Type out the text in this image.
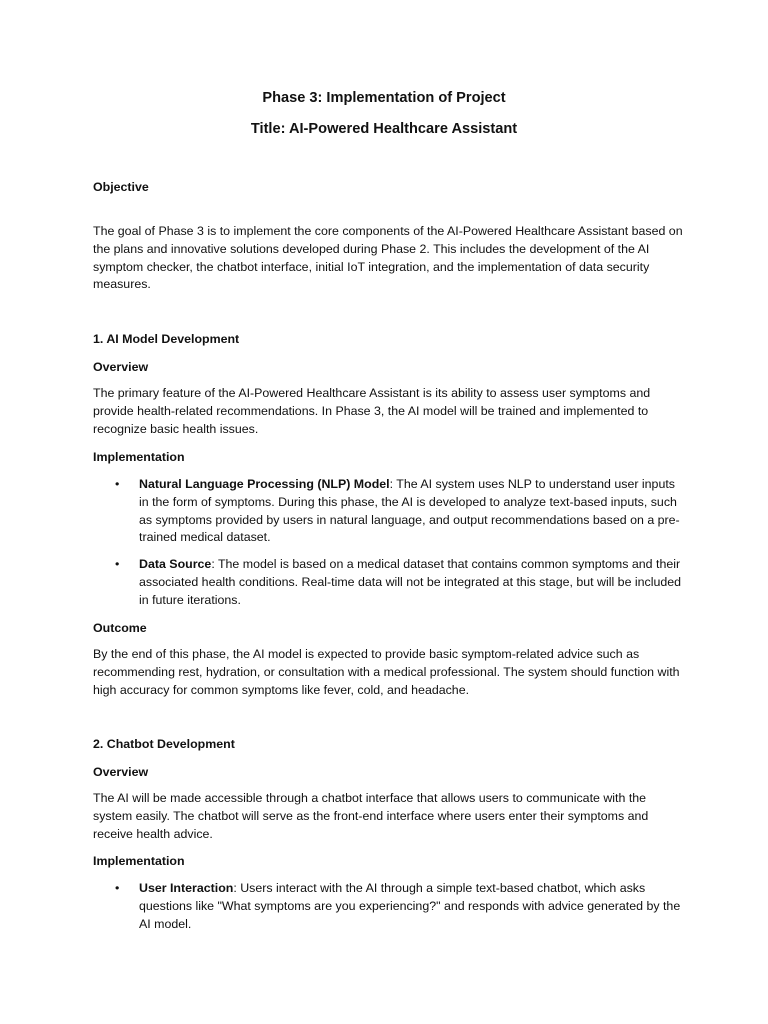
Phase 3: Implementation of Project
Title: AI-Powered Healthcare Assistant
Objective

The goal of Phase 3 is to implement the core components of the AI-Powered Healthcare Assistant based on the plans and innovative solutions developed during Phase 2. This includes the development of the AI symptom checker, the chatbot interface, initial IoT integration, and the implementation of data security measures.

1. AI Model Development
Overview

The primary feature of the AI-Powered Healthcare Assistant is its ability to assess user symptoms and provide health-related recommendations. In Phase 3, the AI model will be trained and implemented to recognize basic health issues.

Implementation
• Natural Language Processing (NLP) Model: The AI system uses NLP to understand user inputs in the form of symptoms. During this phase, the AI is developed to analyze text-based inputs, such as symptoms provided by users in natural language, and output recommendations based on a pre-trained medical dataset.
• Data Source: The model is based on a medical dataset that contains common symptoms and their associated health conditions. Real-time data will not be integrated at this stage, but will be included in future iterations.
Outcome

By the end of this phase, the AI model is expected to provide basic symptom-related advice such as recommending rest, hydration, or consultation with a medical professional. The system should function with high accuracy for common symptoms like fever, cold, and headache.

2. Chatbot Development
Overview

The AI will be made accessible through a chatbot interface that allows users to communicate with the system easily. The chatbot will serve as the front-end interface where users enter their symptoms and receive health advice.

Implementation
• User Interaction: Users interact with the AI through a simple text-based chatbot, which asks questions like "What symptoms are you experiencing?" and responds with advice generated by the AI model.
